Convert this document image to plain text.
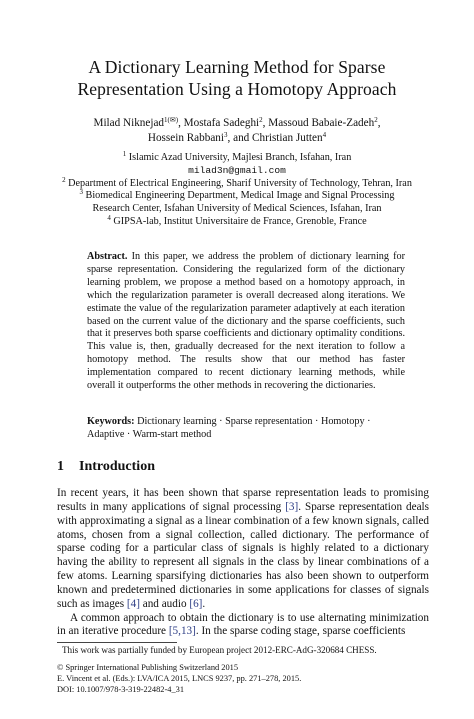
A Dictionary Learning Method for Sparse
Representation Using a Homotopy Approach
Milad Niknejad$^{1(✉)}$, Mostafa Sadeghi$^2$, Massoud Babaie-Zadeh$^2$,
Hossein Rabbani$^3$, and Christian Jutten$^4$
$^1$ Islamic Azad University, Majlesi Branch, Isfahan, Iran
milad3n@gmail.com
$^2$ Department of Electrical Engineering, Sharif University of Technology, Tehran, Iran
$^3$ Biomedical Engineering Department, Medical Image and Signal Processing
Research Center, Isfahan University of Medical Sciences, Isfahan, Iran
$^4$ GIPSA-lab, Institut Universitaire de France, Grenoble, France
Abstract. In this paper, we address the problem of dictionary learning for sparse representation. Considering the regularized form of the dictionary learning problem, we propose a method based on a homotopy approach, in which the regularization parameter is overall decreased along iterations. We estimate the value of the regularization parameter adaptively at each iteration based on the current value of the dictionary and the sparse coefficients, such that it preserves both sparse coefficients and dictionary optimality conditions. This value is, then, gradually decreased for the next iteration to follow a homotopy method. The results show that our method has faster implementation compared to recent dictionary learning methods, while overall it outperforms the other methods in recovering the dictionaries.
Keywords: Dictionary learning · Sparse representation · Homotopy · Adaptive · Warm-start method
1 Introduction

In recent years, it has been shown that sparse representation leads to promising results in many applications of signal processing [3]. Sparse representation deals with approximating a signal as a linear combination of a few known signals, called atoms, chosen from a signal collection, called dictionary. The performance of sparse coding for a particular class of signals is highly related to a dictionary having the ability to represent all signals in the class by linear combinations of a few atoms. Learning sparsifying dictionaries has also been shown to outperform known and predetermined dictionaries in some applications for classes of signals such as images [4] and audio [6].

A common approach to obtain the dictionary is to use alternating minimization in an iterative procedure [5,13]. In the sparse coding stage, sparse coefficients

This work was partially funded by European project 2012-ERC-AdG-320684 CHESS.
© Springer International Publishing Switzerland 2015
E. Vincent et al. (Eds.): LVA/ICA 2015, LNCS 9237, pp. 271–278, 2015.
DOI: 10.1007/978-3-319-22482-4_31
